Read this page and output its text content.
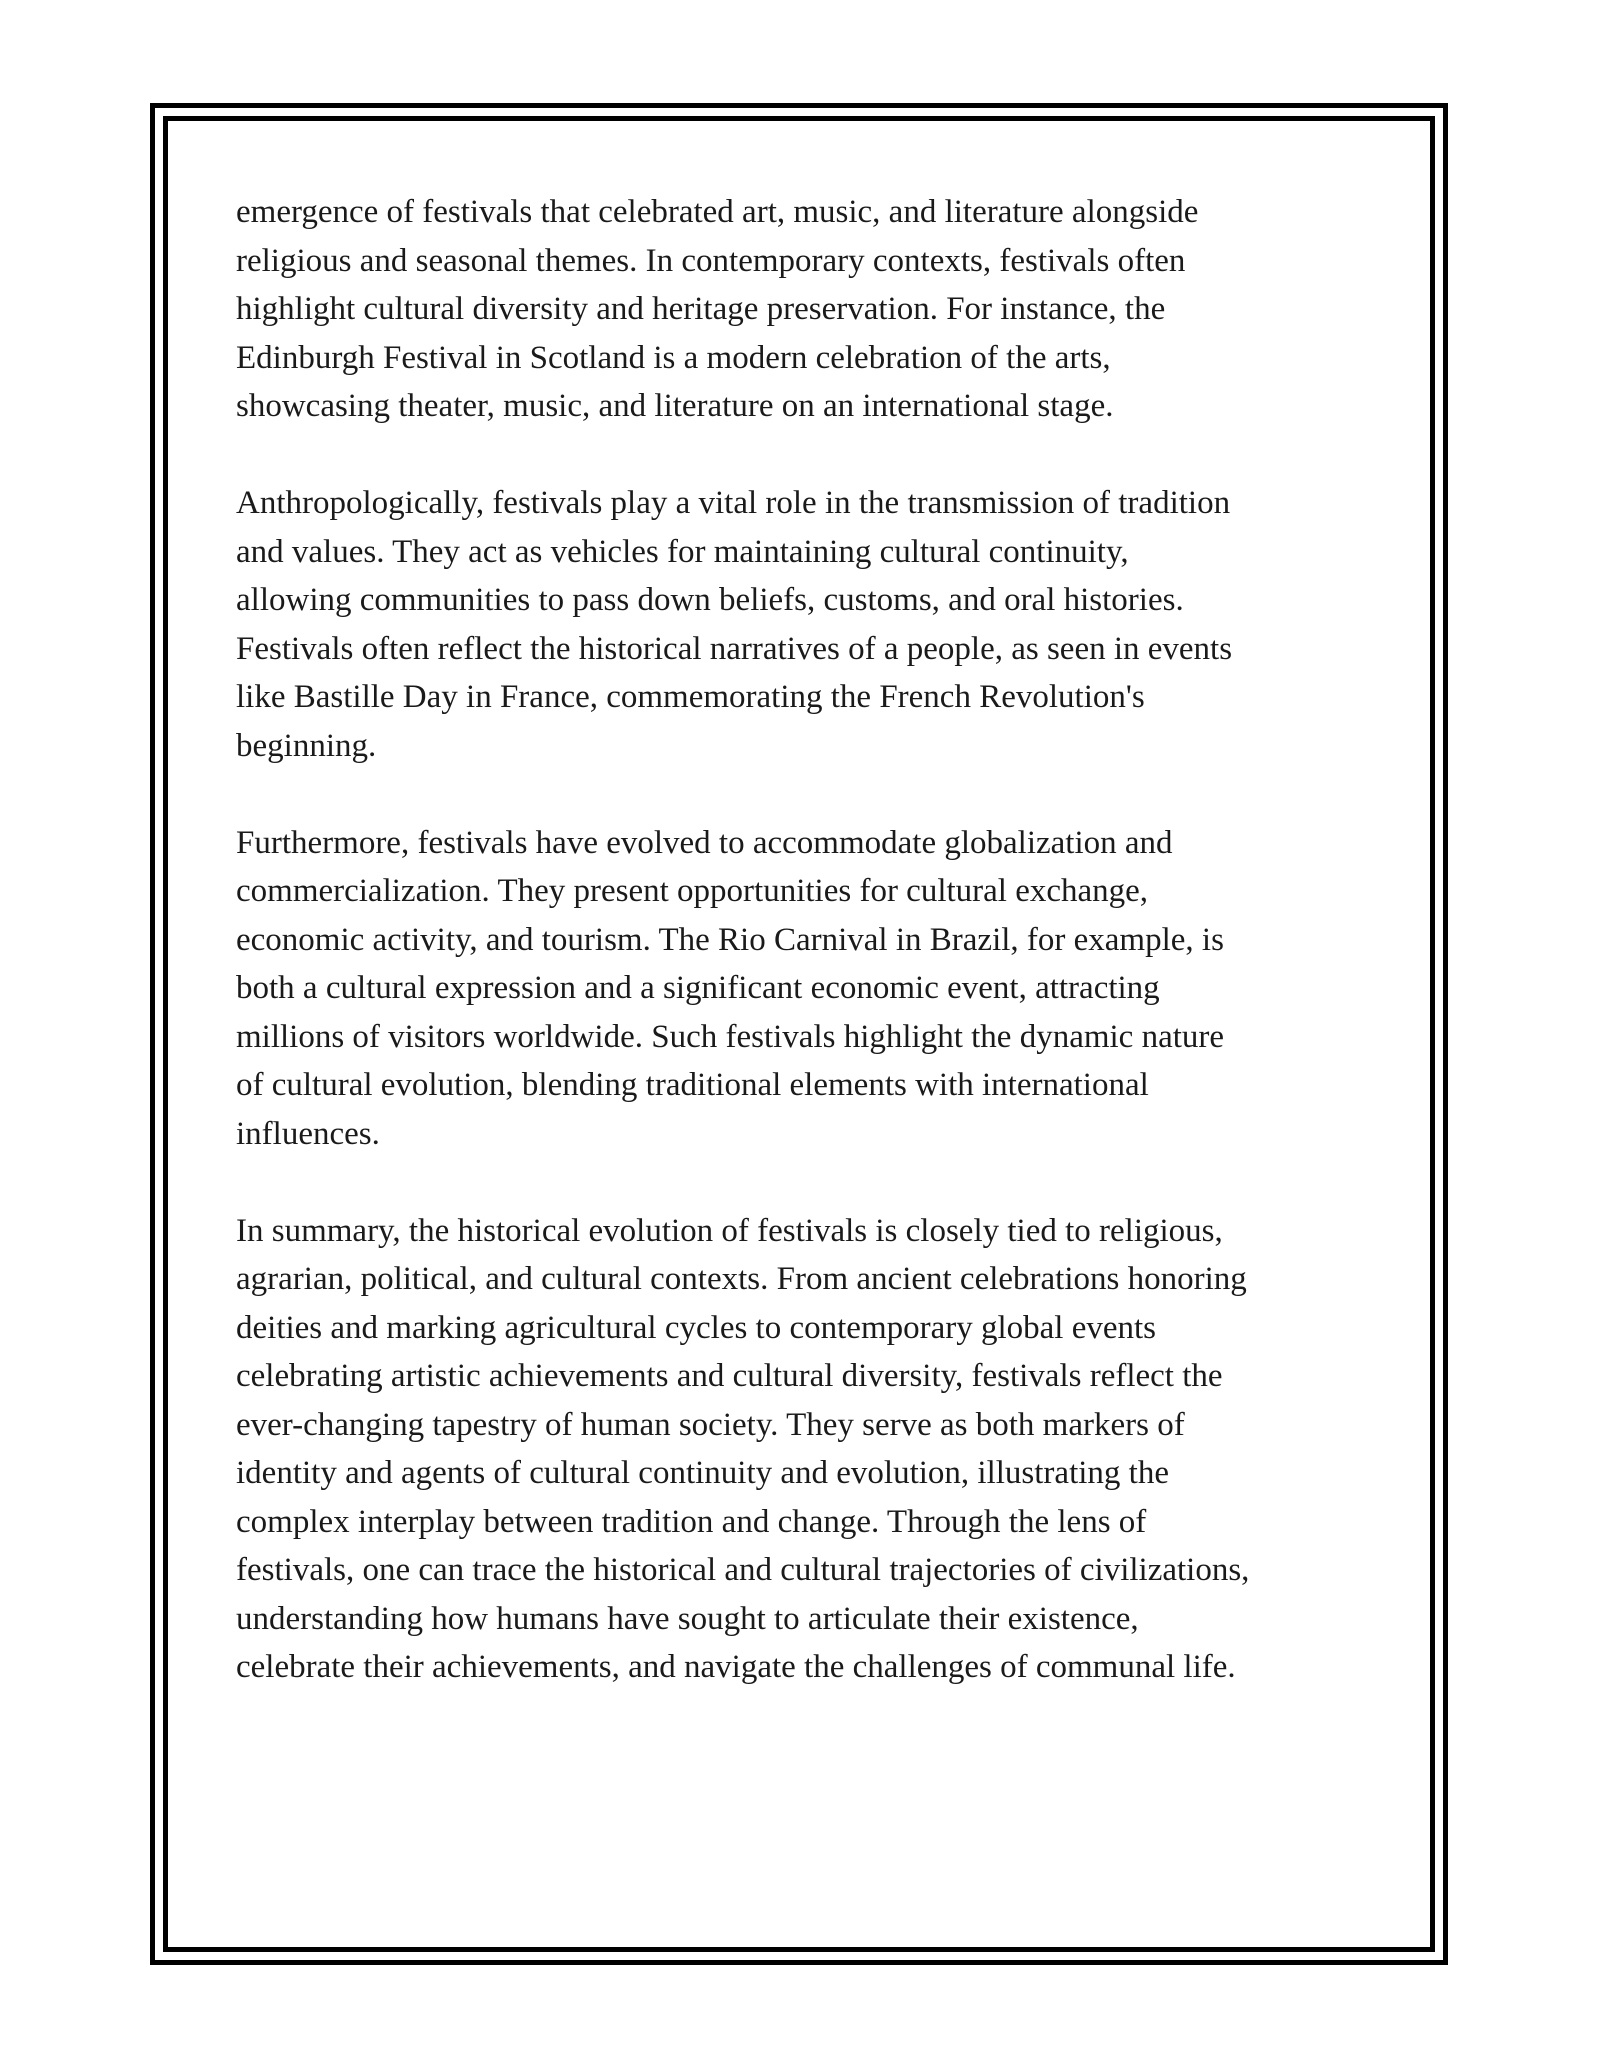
emergence of festivals that celebrated art, music, and literature alongside
religious and seasonal themes. In contemporary contexts, festivals often
highlight cultural diversity and heritage preservation. For instance, the
Edinburgh Festival in Scotland is a modern celebration of the arts,
showcasing theater, music, and literature on an international stage.

Anthropologically, festivals play a vital role in the transmission of tradition
and values. They act as vehicles for maintaining cultural continuity,
allowing communities to pass down beliefs, customs, and oral histories.
Festivals often reflect the historical narratives of a people, as seen in events
like Bastille Day in France, commemorating the French Revolution's
beginning.

Furthermore, festivals have evolved to accommodate globalization and
commercialization. They present opportunities for cultural exchange,
economic activity, and tourism. The Rio Carnival in Brazil, for example, is
both a cultural expression and a significant economic event, attracting
millions of visitors worldwide. Such festivals highlight the dynamic nature
of cultural evolution, blending traditional elements with international
influences.

In summary, the historical evolution of festivals is closely tied to religious,
agrarian, political, and cultural contexts. From ancient celebrations honoring
deities and marking agricultural cycles to contemporary global events
celebrating artistic achievements and cultural diversity, festivals reflect the
ever-changing tapestry of human society. They serve as both markers of
identity and agents of cultural continuity and evolution, illustrating the
complex interplay between tradition and change. Through the lens of
festivals, one can trace the historical and cultural trajectories of civilizations,
understanding how humans have sought to articulate their existence,
celebrate their achievements, and navigate the challenges of communal life.
